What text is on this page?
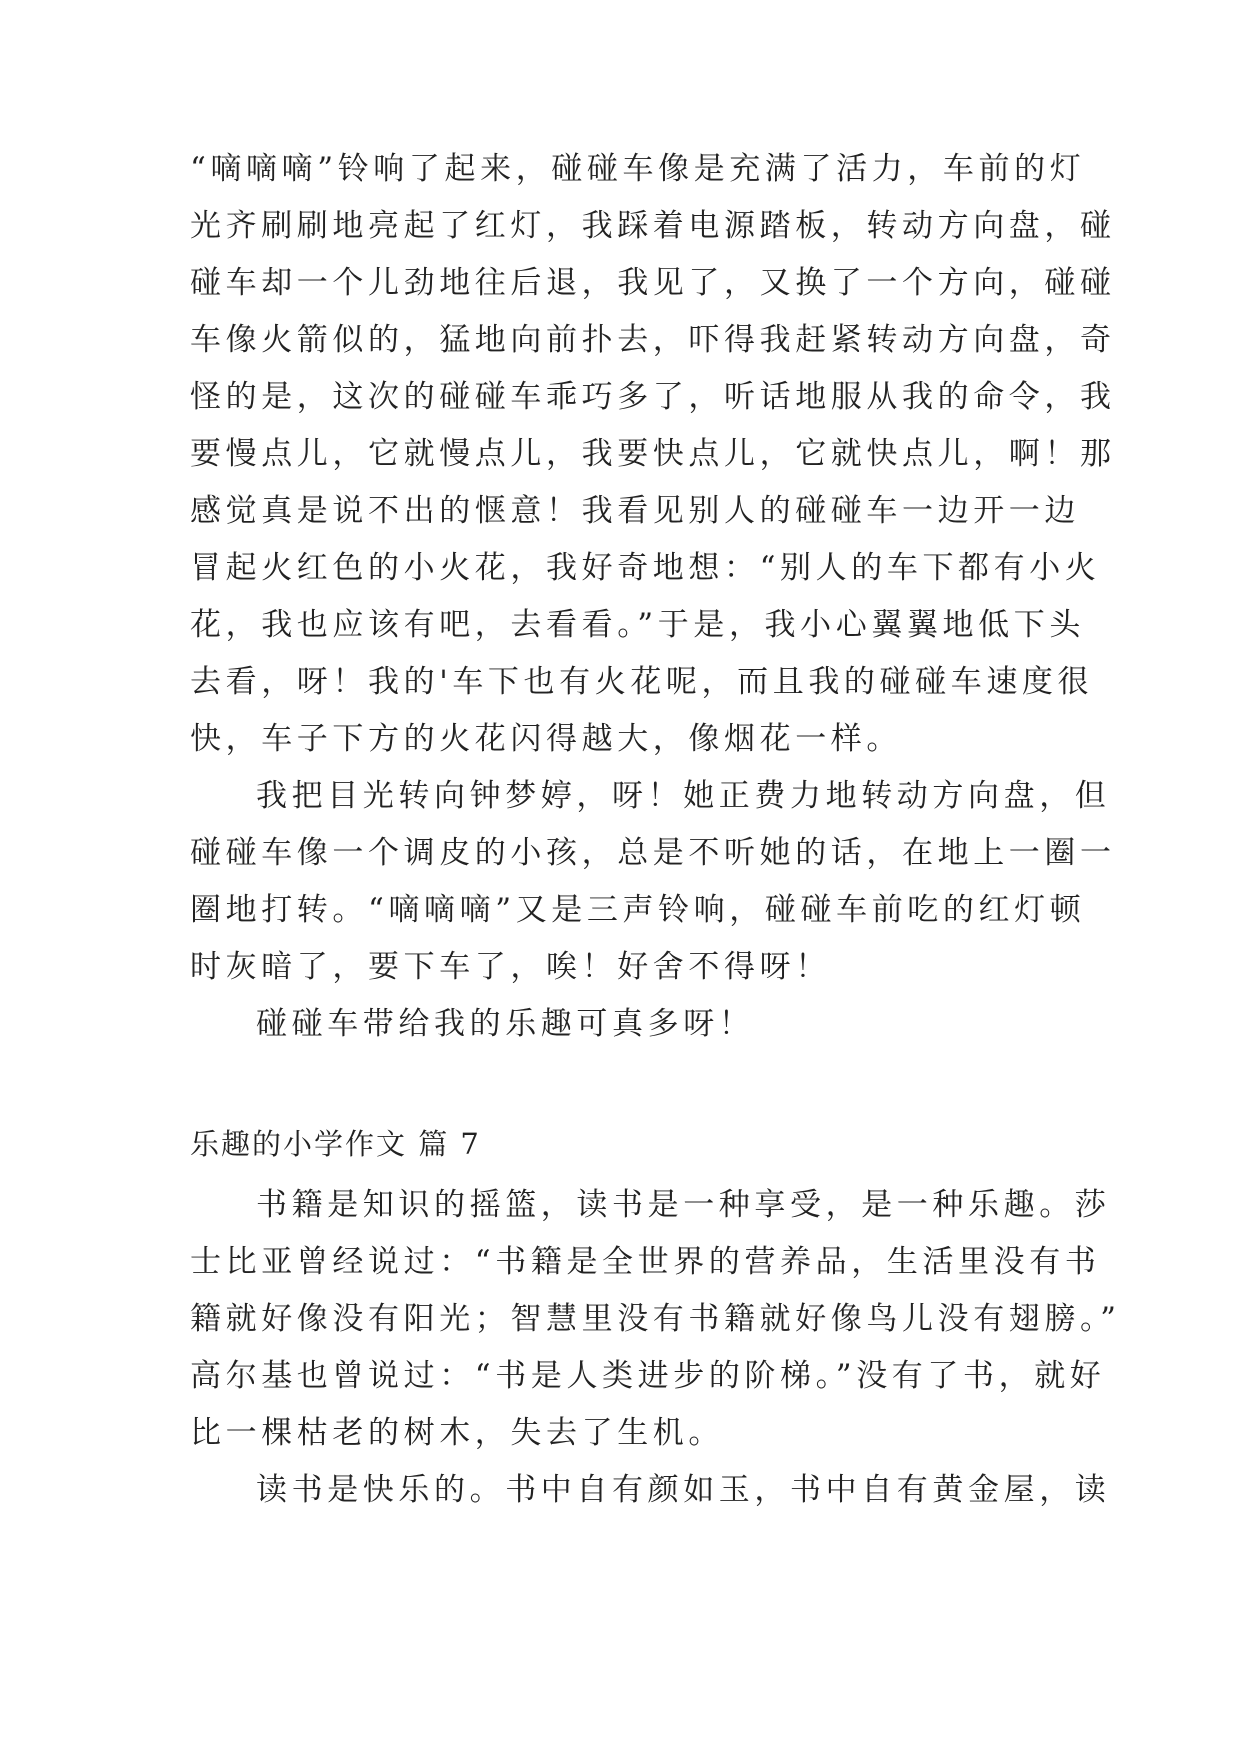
“嘀嘀嘀”铃响了起来，碰碰车像是充满了活力，车前的灯
光齐刷刷地亮起了红灯，我踩着电源踏板，转动方向盘，碰
碰车却一个儿劲地往后退，我见了，又换了一个方向，碰碰
车像火箭似的，猛地向前扑去，吓得我赶紧转动方向盘，奇
怪的是，这次的碰碰车乖巧多了，听话地服从我的命令，我
要慢点儿，它就慢点儿，我要快点儿，它就快点儿，啊！那
感觉真是说不出的惬意！我看见别人的碰碰车一边开一边
冒起火红色的小火花，我好奇地想：“别人的车下都有小火
花，我也应该有吧，去看看。”于是，我小心翼翼地低下头
去看，呀！我的'车下也有火花呢，而且我的碰碰车速度很
快，车子下方的火花闪得越大，像烟花一样。
我把目光转向钟梦婷，呀！她正费力地转动方向盘，但
碰碰车像一个调皮的小孩，总是不听她的话，在地上一圈一
圈地打转。“嘀嘀嘀”又是三声铃响，碰碰车前吃的红灯顿
时灰暗了，要下车了，唉！好舍不得呀！
碰碰车带给我的乐趣可真多呀！
乐趣的小学作文 篇 7
书籍是知识的摇篮，读书是一种享受，是一种乐趣。莎
士比亚曾经说过：“书籍是全世界的营养品，生活里没有书
籍就好像没有阳光；智慧里没有书籍就好像鸟儿没有翅膀。”
高尔基也曾说过：“书是人类进步的阶梯。”没有了书，就好
比一棵枯老的树木，失去了生机。
读书是快乐的。书中自有颜如玉，书中自有黄金屋，读
